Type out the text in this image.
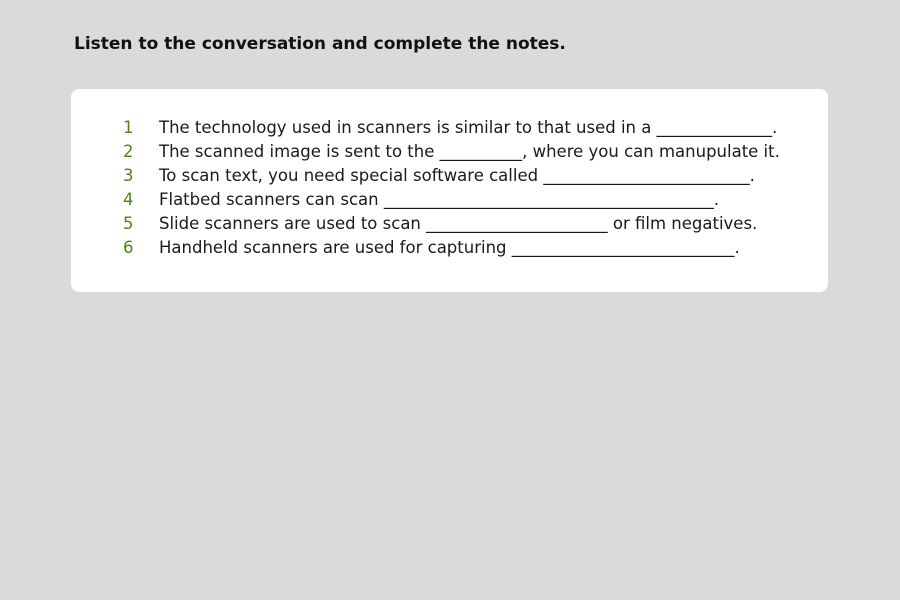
Listen to the conversation and complete the notes.
1 The technology used in scanners is similar to that used in a ______________.
2 The scanned image is sent to the __________, where you can manupulate it.
3 To scan text, you need special software called _________________________.
4 Flatbed scanners can scan ________________________________________.
5 Slide scanners are used to scan ______________________ or film negatives.
6 Handheld scanners are used for capturing ___________________________.
